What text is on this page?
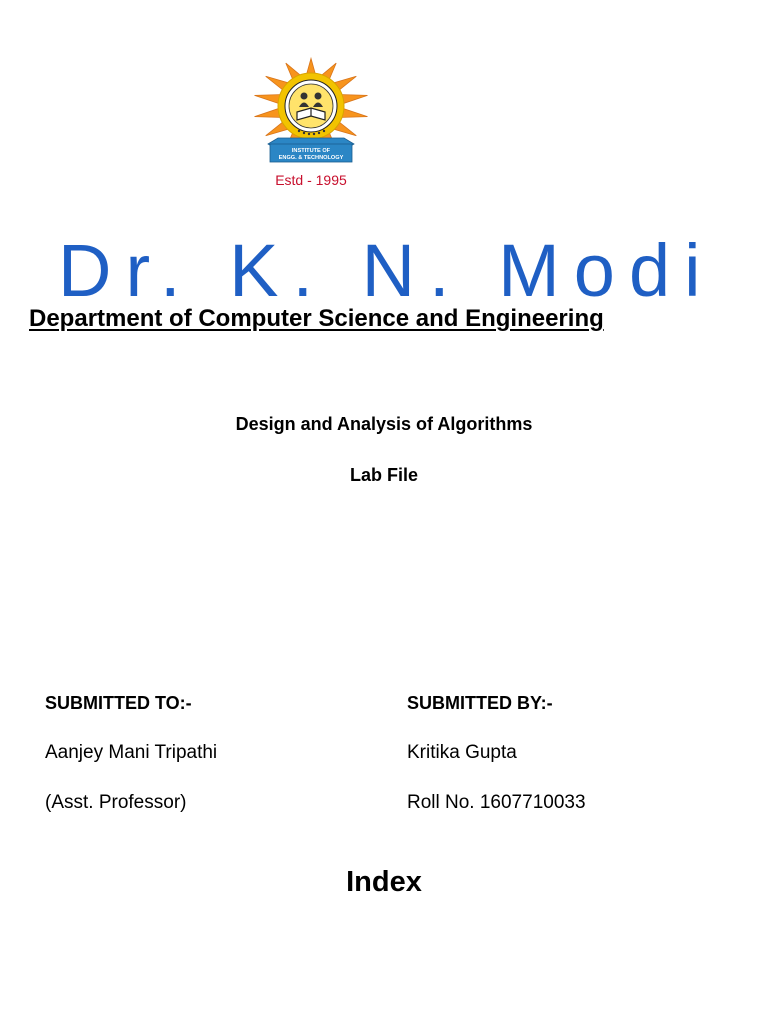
INSTITUTE OF
ENGG. & TECHNOLOGY
Estd - 1995
Dr. K. N. Modi
Department of Computer Science and Engineering
Design and Analysis of Algorithms
Lab File
SUBMITTED TO:-
Aanjey Mani Tripathi
(Asst. Professor)
SUBMITTED BY:-
Kritika Gupta
Roll No. 1607710033
Index
